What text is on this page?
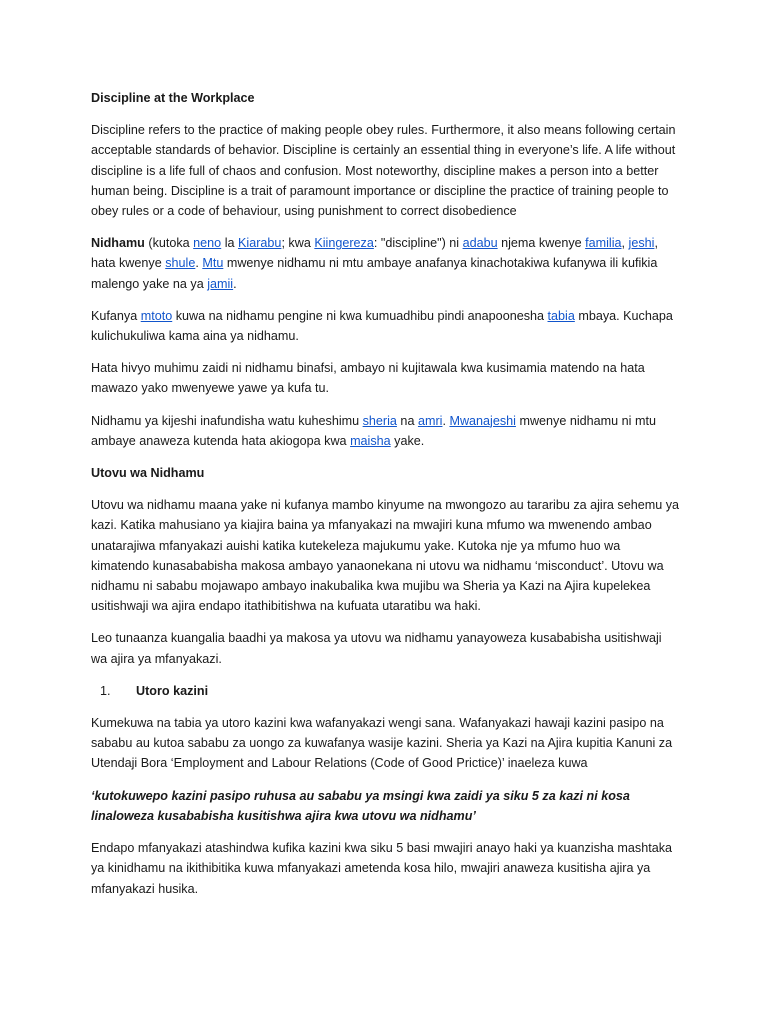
Discipline at the Workplace

Discipline refers to the practice of making people obey rules. Furthermore, it also means following certain acceptable standards of behavior. Discipline is certainly an essential thing in everyone’s life. A life without discipline is a life full of chaos and confusion. Most noteworthy, discipline makes a person into a better human being. Discipline is a trait of paramount importance or discipline the practice of training people to obey rules or a code of behaviour, using punishment to correct disobedience

Nidhamu (kutoka neno la Kiarabu; kwa Kiingereza: "discipline") ni adabu njema kwenye familia, jeshi, hata kwenye shule. Mtu mwenye nidhamu ni mtu ambaye anafanya kinachotakiwa kufanywa ili kufikia malengo yake na ya jamii.

Kufanya mtoto kuwa na nidhamu pengine ni kwa kumuadhibu pindi anapoonesha tabia mbaya. Kuchapa kulichukuliwa kama aina ya nidhamu.

Hata hivyo muhimu zaidi ni nidhamu binafsi, ambayo ni kujitawala kwa kusimamia matendo na hata mawazo yako mwenyewe yawe ya kufa tu.

Nidhamu ya kijeshi inafundisha watu kuheshimu sheria na amri. Mwanajeshi mwenye nidhamu ni mtu ambaye anaweza kutenda hata akiogopa kwa maisha yake.

Utovu wa Nidhamu

Utovu wa nidhamu maana yake ni kufanya mambo kinyume na mwongozo au tararibu za ajira sehemu ya kazi. Katika mahusiano ya kiajira baina ya mfanyakazi na mwajiri kuna mfumo wa mwenendo ambao unatarajiwa mfanyakazi auishi katika kutekeleza majukumu yake. Kutoka nje ya mfumo huo wa kimatendo kunasababisha makosa ambayo yanaonekana ni utovu wa nidhamu ‘misconduct’. Utovu wa nidhamu ni sababu mojawapo ambayo inakubalika kwa mujibu wa Sheria ya Kazi na Ajira kupelekea usitishwaji wa ajira endapo itathibitishwa na kufuata utaratibu wa haki.

Leo tunaanza kuangalia baadhi ya makosa ya utovu wa nidhamu yanayoweza kusababisha usitishwaji wa ajira ya mfanyakazi.

1.	Utoro kazini

Kumekuwa na tabia ya utoro kazini kwa wafanyakazi wengi sana. Wafanyakazi hawaji kazini pasipo na sababu au kutoa sababu za uongo za kuwafanya wasije kazini. Sheria ya Kazi na Ajira kupitia Kanuni za Utendaji Bora ‘Employment and Labour Relations (Code of Good Prictice)’ inaeleza kuwa

‘kutokuwepo kazini pasipo ruhusa au sababu ya msingi kwa zaidi ya siku 5 za kazi ni kosa linaloweza kusababisha kusitishwa ajira kwa utovu wa nidhamu’

Endapo mfanyakazi atashindwa kufika kazini kwa siku 5 basi mwajiri anayo haki ya kuanzisha mashtaka ya kinidhamu na ikithibitika kuwa mfanyakazi ametenda kosa hilo, mwajiri anaweza kusitisha ajira ya mfanyakazi husika.
